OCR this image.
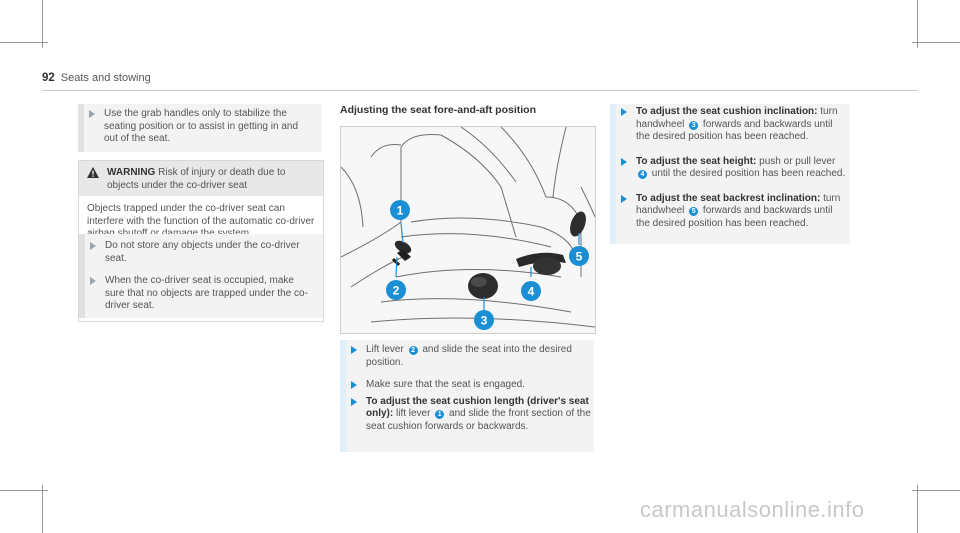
92 Seats and stowing
Use the grab handles only to stabilize the seating position or to assist in getting in and out of the seat.
WARNING Risk of injury or death due to objects under the co-driver seat
Objects trapped under the co-driver seat can interfere with the function of the automatic co-driver
Do not store any objects under the co-driver seat.
When the co-driver seat is occupied, make sure that no objects are trapped under the co-driver seat.
Adjusting the seat fore-and-aft position
1
2
3
4
5
Lift lever 2 and slide the seat into the desired position.
Make sure that the seat is engaged.
To adjust the seat cushion length (driver's seat only): lift lever 1 and slide the front section of the seat cushion forwards or backwards.
To adjust the seat cushion inclination: turn handwheel 3 forwards and backwards until the desired position has been reached.
To adjust the seat height: push or pull lever 4 until the desired position has been reached.
To adjust the seat backrest inclination: turn handwheel 5 forwards and backwards until the desired position has been reached.
carmanualsonline.info
